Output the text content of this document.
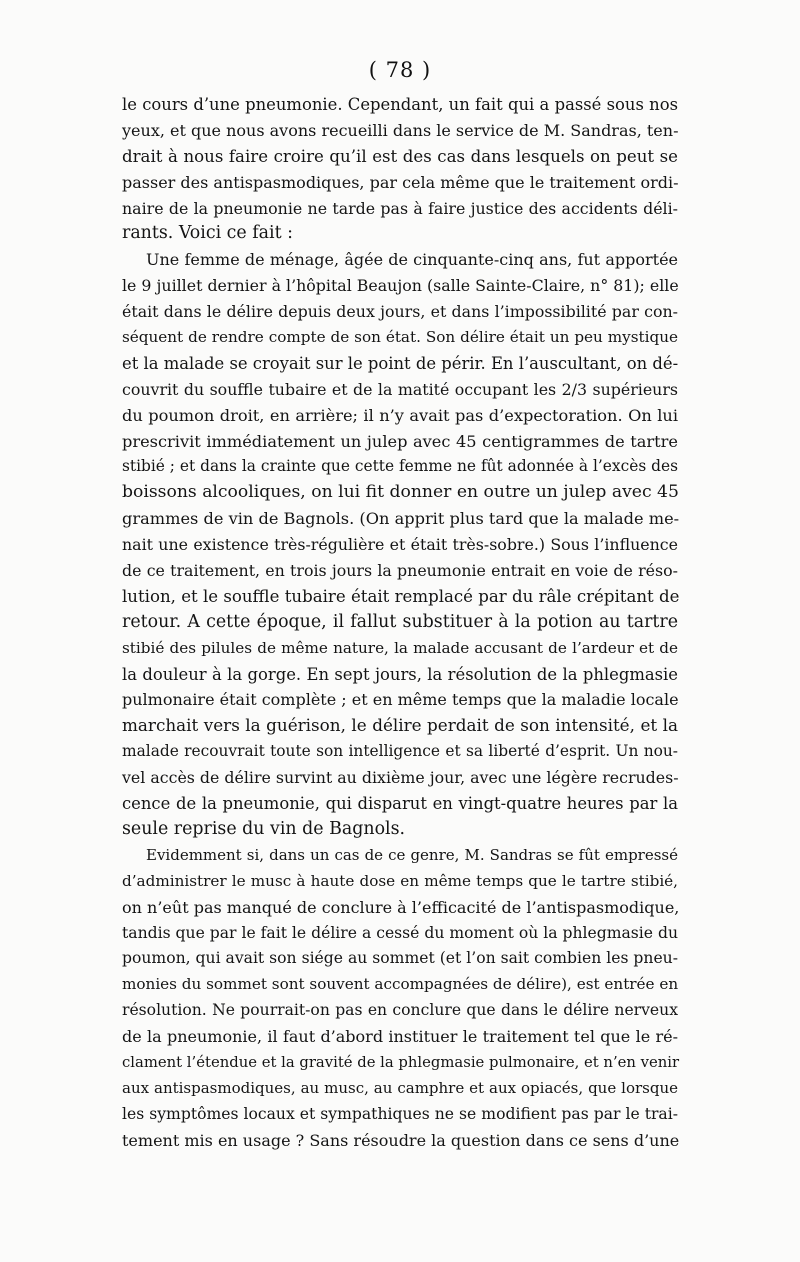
( 78 )
le cours d’une pneumonie. Cependant, un fait qui a passé sous nos
yeux, et que nous avons recueilli dans le service de M. Sandras, ten-
drait à nous faire croire qu’il est des cas dans lesquels on peut se
passer des antispasmodiques, par cela même que le traitement ordi-
naire de la pneumonie ne tarde pas à faire justice des accidents déli-
rants. Voici ce fait :
Une femme de ménage, âgée de cinquante-cinq ans, fut apportée
le 9 juillet dernier à l’hôpital Beaujon (salle Sainte-Claire, n° 81); elle
était dans le délire depuis deux jours, et dans l’impossibilité par con-
séquent de rendre compte de son état. Son délire était un peu mystique
et la malade se croyait sur le point de périr. En l’auscultant, on dé-
couvrit du souffle tubaire et de la matité occupant les 2/3 supérieurs
du poumon droit, en arrière; il n’y avait pas d’expectoration. On lui
prescrivit immédiatement un julep avec 45 centigrammes de tartre
stibié ; et dans la crainte que cette femme ne fût adonnée à l’excès des
boissons alcooliques, on lui fit donner en outre un julep avec 45
grammes de vin de Bagnols. (On apprit plus tard que la malade me-
nait une existence très-régulière et était très-sobre.) Sous l’influence
de ce traitement, en trois jours la pneumonie entrait en voie de réso-
lution, et le souffle tubaire était remplacé par du râle crépitant de
retour. A cette époque, il fallut substituer à la potion au tartre
stibié des pilules de même nature, la malade accusant de l’ardeur et de
la douleur à la gorge. En sept jours, la résolution de la phlegmasie
pulmonaire était complète ; et en même temps que la maladie locale
marchait vers la guérison, le délire perdait de son intensité, et la
malade recouvrait toute son intelligence et sa liberté d’esprit. Un nou-
vel accès de délire survint au dixième jour, avec une légère recrudes-
cence de la pneumonie, qui disparut en vingt-quatre heures par la
seule reprise du vin de Bagnols.
Evidemment si, dans un cas de ce genre, M. Sandras se fût empressé
d’administrer le musc à haute dose en même temps que le tartre stibié,
on n’eût pas manqué de conclure à l’efficacité de l’antispasmodique,
tandis que par le fait le délire a cessé du moment où la phlegmasie du
poumon, qui avait son siége au sommet (et l’on sait combien les pneu-
monies du sommet sont souvent accompagnées de délire), est entrée en
résolution. Ne pourrait-on pas en conclure que dans le délire nerveux
de la pneumonie, il faut d’abord instituer le traitement tel que le ré-
clament l’étendue et la gravité de la phlegmasie pulmonaire, et n’en venir
aux antispasmodiques, au musc, au camphre et aux opiacés, que lorsque
les symptômes locaux et sympathiques ne se modifient pas par le trai-
tement mis en usage ? Sans résoudre la question dans ce sens d’une
